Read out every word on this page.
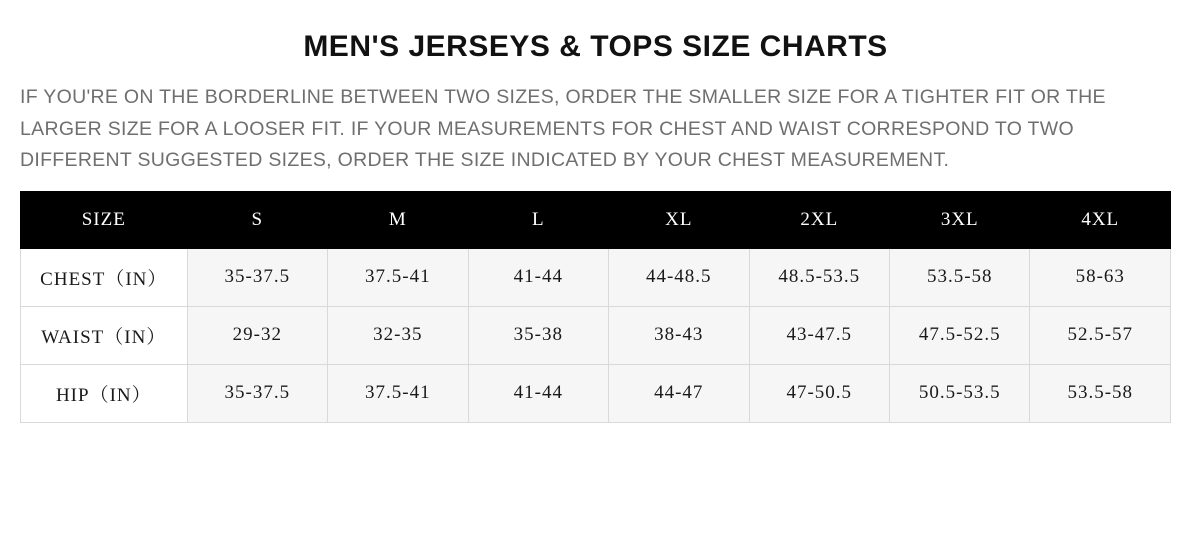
MEN'S JERSEYS & TOPS SIZE CHARTS

IF YOU'RE ON THE BORDERLINE BETWEEN TWO SIZES, ORDER THE SMALLER SIZE FOR A TIGHTER FIT OR THE LARGER SIZE FOR A LOOSER FIT. IF YOUR MEASUREMENTS FOR CHEST AND WAIST CORRESPOND TO TWO DIFFERENT SUGGESTED SIZES, ORDER THE SIZE INDICATED BY YOUR CHEST MEASUREMENT.

SIZE	S	M	L	XL	2XL	3XL	4XL
CHEST（IN）	35-37.5	37.5-41	41-44	44-48.5	48.5-53.5	53.5-58	58-63
WAIST（IN）	29-32	32-35	35-38	38-43	43-47.5	47.5-52.5	52.5-57
HIP（IN）	35-37.5	37.5-41	41-44	44-47	47-50.5	50.5-53.5	53.5-58
